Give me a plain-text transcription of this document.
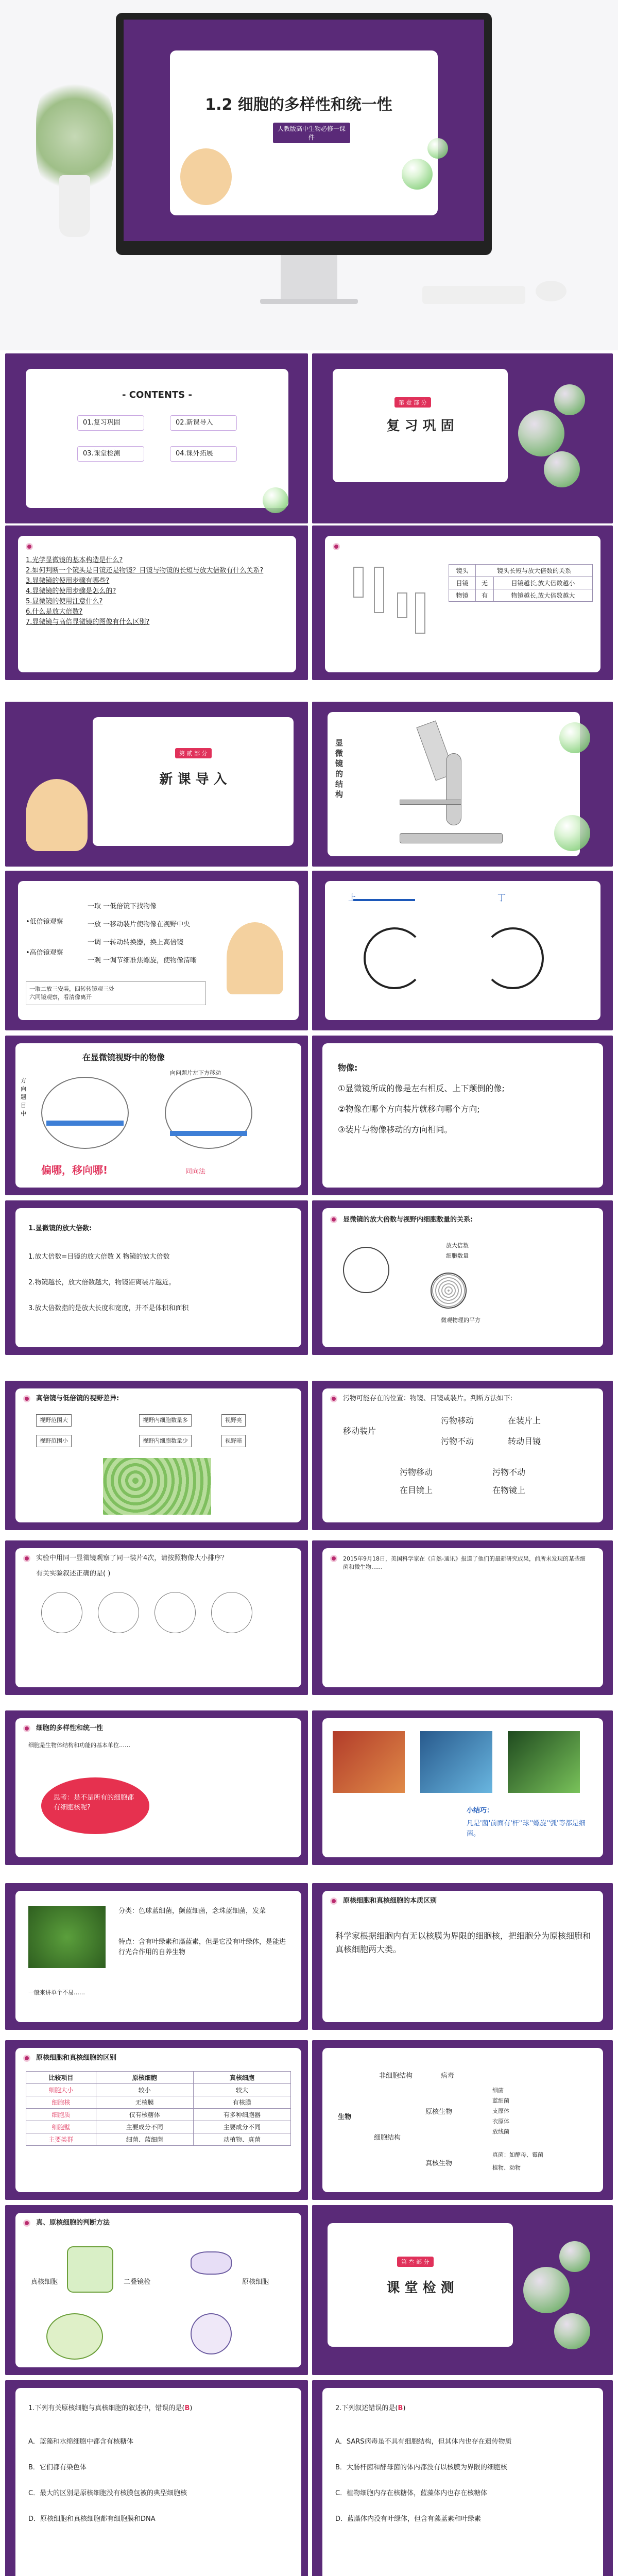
1.2 细胞的多样性和统一性
人教版高中生物必修一课件
- CONTENTS -
01.复习巩固	02.新课导入
03.课堂检测	04.课外拓展
第 壹 部 分
复 习 巩 固
1.光学显微镜的基本构造是什么?
2.如何判断一个镜头是目镜还是物镜？目镜与物镜的长短与放大倍数有什么关系?
3.显微镜的使用步骤有哪些?
4.显微镜的使用步骤是怎么的?
5.显微镜的使用注意什么?
6.什么是放大倍数?
7.显微镜与高倍显微镜的图像有什么区别?
镜头	镜头长短与放大倍数的关系	
目镜	无	目镜越长,放大倍数越小
物镜	有	物镜越长,放大倍数越大
第 贰 部 分
新 课 导 入
显微镜的结构
•低倍镜观察
•高倍镜观察
一取 一低倍镜下找物像
一放 一移动装片使物像在视野中央
一调 一转动转换器，换上高倍镜
一观 一调节细准焦螺旋，使物像清晰
一取二放三安装，四转转镜观三处
六同镜观察，看清像离开
上	丁
在显微镜视野中的物像
方向题目中
向问题片左下方移动
偏哪，移向哪!	同向法
物像:
①显微镜所成的像是左右相反、上下颠倒的像;
②物像在哪个方向装片就移向哪个方向;
③装片与物像移动的方向相同。
1.显微镜的放大倍数:
1.放大倍数=目镜的放大倍数 X 物镜的放大倍数
2.物镜越长，放大倍数越大，物镜距离装片越近。
3.放大倍数指的是放大长度和宽度，并不是体积和面积
显微镜的放大倍数与视野内细胞数量的关系:
放大倍数
细胞数量
微观物理的平方
高倍镜与低倍镜的视野差异:
视野范围大	视野内细胞数量多
视野范围小	视野内细胞数量少
视野亮
视野暗
污物可能存在的位置：物镜、目镜或装片。判断方法如下:
移动装片
污物移动	在装片上
污物不动	转动目镜
污物移动
在目镜上
污物不动
在物镜上
实验中用同一显微镜观察了同一装片4次，请按照物像大小排序？
有关实验叙述正确的是( )
2015年9月18日，美国科学家在《自然-通讯》报道了他们的最新研究成果，前所未发现的某些细菌和微生物……
细胞的多样性和统一性
细胞是生物体结构和功能的基本单位……
思考：是不是所有的细胞都有细胞核呢?	小结巧：
凡是'菌'前面有'杆''球''螺旋''弧'等都是细菌。
分类：色球蓝细菌，颤蓝细菌，念珠蓝细菌，发菜
特点：含有叶绿素和藻蓝素，但是它没有叶绿体，是能进行光合作用的自养生物
一般来讲单个不易……
原核细胞和真核细胞的本质区别
科学家根据细胞内有无以核膜为界限的细胞核，把细胞分为原核细胞和真核细胞两大类。
原核细胞和真核细胞的区别
比较项目	原核细胞	真核细胞
细胞大小	较小	较大
细胞核	无核膜	有核膜
细胞质	仅有核糖体	有多种细胞器
细胞壁	主要成分不同	主要成分不同
主要类群	细菌、蓝细菌	动植物、真菌
生物
非细胞结构	病毒
细胞结构
原核生物
真核生物
细菌
蓝细菌
支原体
衣原体
放线菌
真菌：如酵母、霉菌
植物、动物
真、原核细胞的判断方法
真核细胞	二叠镜检	原核细胞
第 叁 部 分
课 堂 检 测
1.下列有关原核细胞与真核细胞的叙述中，错误的是(B)
A．蓝藻和水绵细胞中都含有核糖体
B．它们都有染色体
C．最大的区别是原核细胞没有核膜包被的典型细胞核
D．原核细胞和真核细胞都有细胞膜和DNA
2.下列叙述错误的是(B)
A．SARS病毒虽不具有细胞结构，但其体内也存在遗传物质
B．大肠杆菌和酵母菌的体内都没有以核膜为界限的细胞核
C．植物细胞内存在核糖体，蓝藻体内也存在核糖体
D．蓝藻体内没有叶绿体，但含有藻蓝素和叶绿素
